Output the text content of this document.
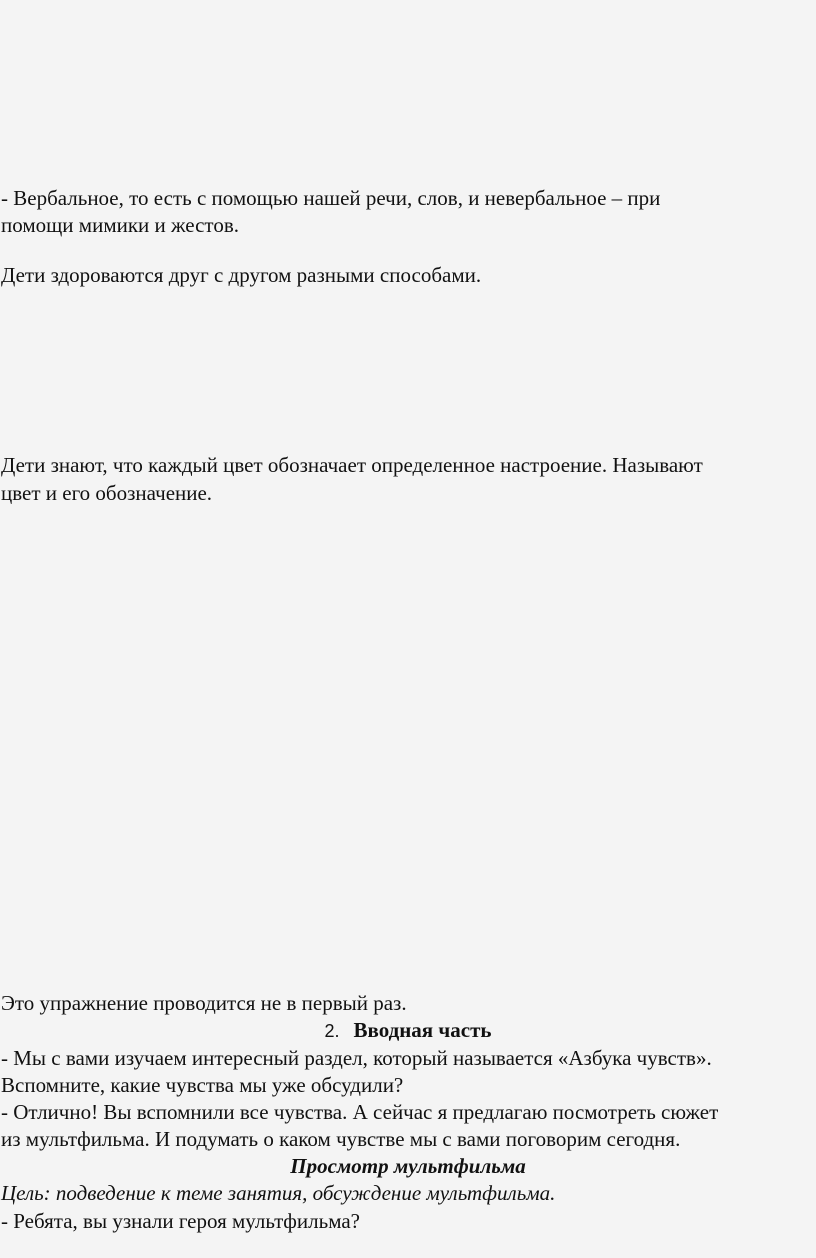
- Вербальное, то есть с помощью нашей речи, слов, и невербальное – при
помощи мимики и жестов.
Дети здороваются друг с другом разными способами.
Дети знают, что каждый цвет обозначает определенное настроение. Называют
цвет и его обозначение.
Это упражнение проводится не в первый раз.
2. Вводная часть
- Мы с вами изучаем интересный раздел, который называется «Азбука чувств».
Вспомните, какие чувства мы уже обсудили?
- Отлично! Вы вспомнили все чувства. А сейчас я предлагаю посмотреть сюжет
из мультфильма. И подумать о каком чувстве мы с вами поговорим сегодня.
Просмотр мультфильма
Цель: подведение к теме занятия, обсуждение мультфильма.
- Ребята, вы узнали героя мультфильма?
